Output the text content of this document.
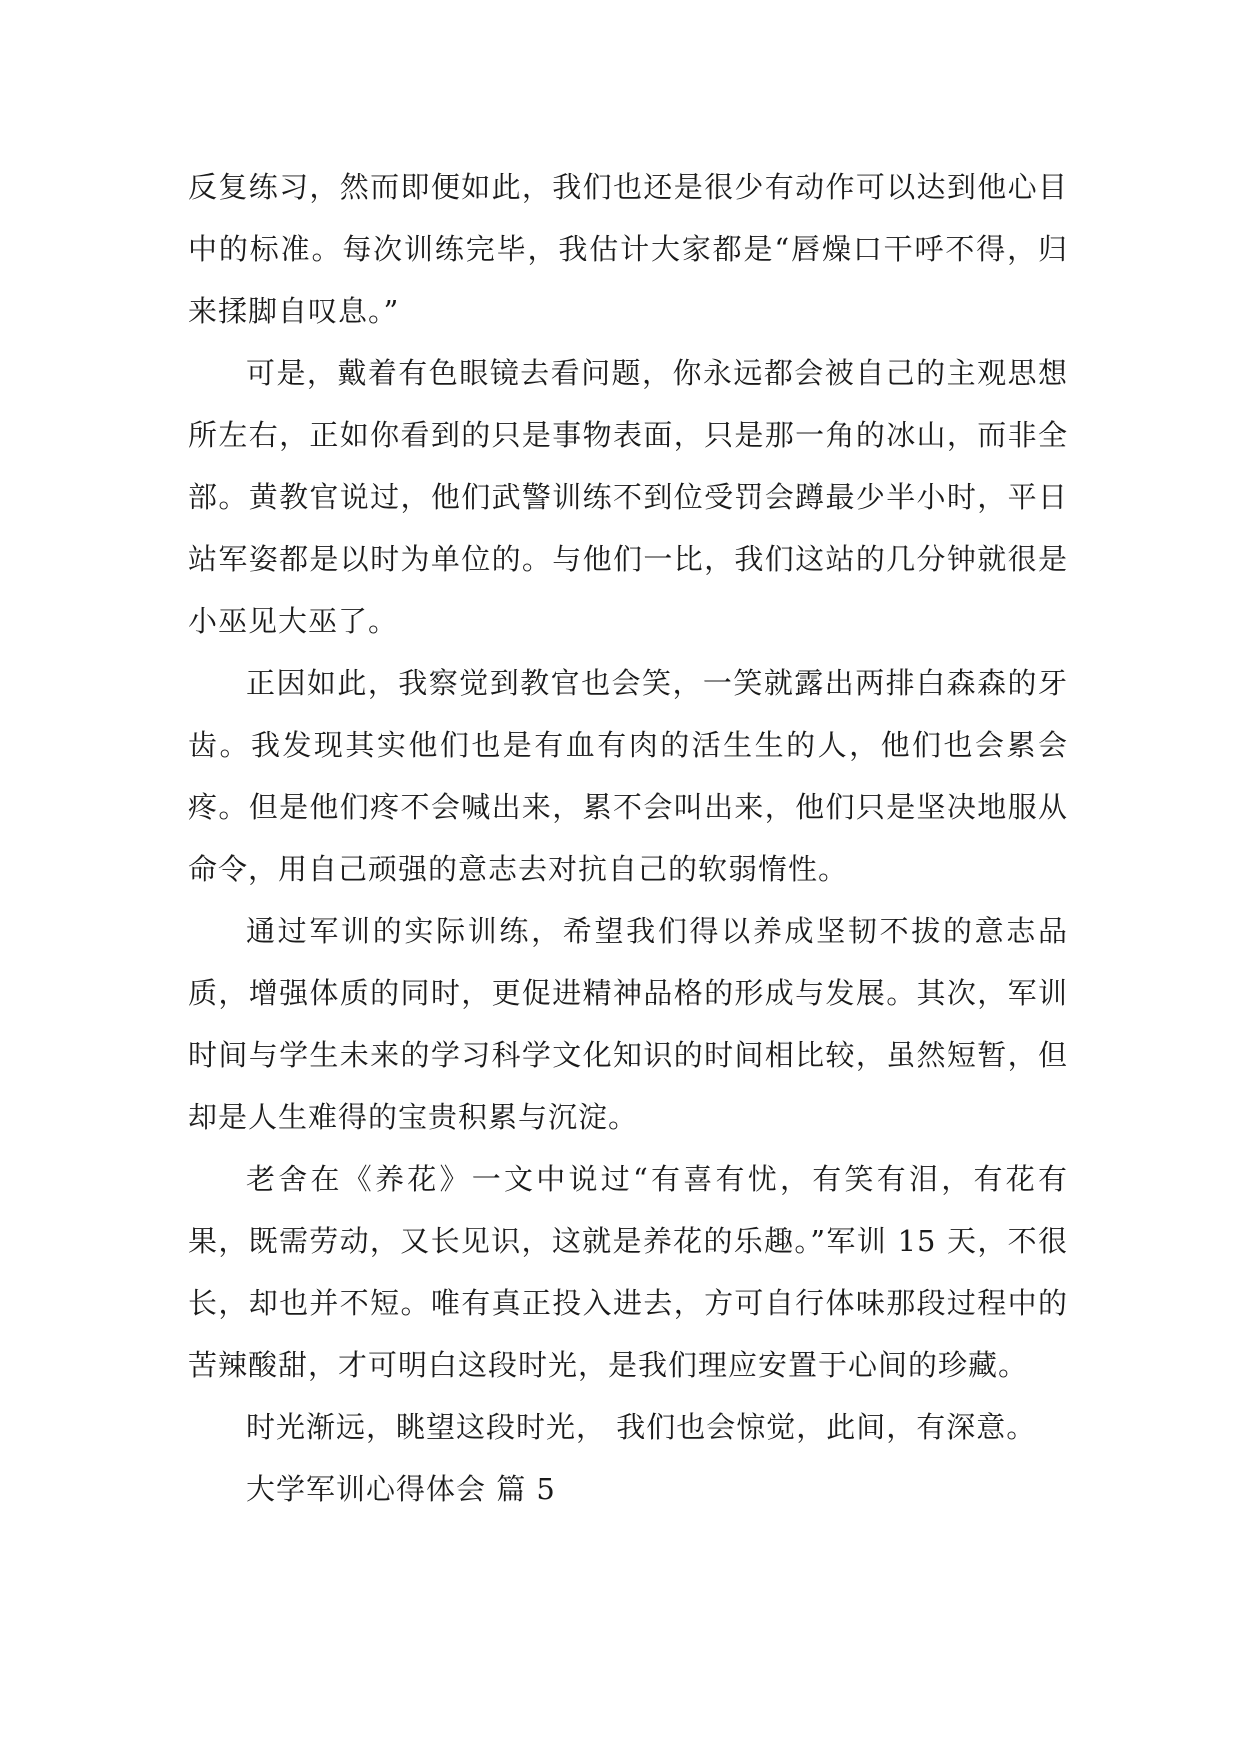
反复练习，然而即便如此，我们也还是很少有动作可以达到他心目中的标准。每次训练完毕，我估计大家都是“唇燥口干呼不得，归来揉脚自叹息。”

可是，戴着有色眼镜去看问题，你永远都会被自己的主观思想所左右，正如你看到的只是事物表面，只是那一角的冰山，而非全部。黄教官说过，他们武警训练不到位受罚会蹲最少半小时，平日站军姿都是以时为单位的。与他们一比，我们这站的几分钟就很是小巫见大巫了。

正因如此，我察觉到教官也会笑，一笑就露出两排白森森的牙齿。我发现其实他们也是有血有肉的活生生的人，他们也会累会疼。但是他们疼不会喊出来，累不会叫出来，他们只是坚决地服从命令，用自己顽强的意志去对抗自己的软弱惰性。

通过军训的实际训练，希望我们得以养成坚韧不拔的意志品质，增强体质的同时，更促进精神品格的形成与发展。其次，军训时间与学生未来的学习科学文化知识的时间相比较，虽然短暂，但却是人生难得的宝贵积累与沉淀。

老舍在《养花》一文中说过“有喜有忧，有笑有泪，有花有果，既需劳动，又长见识，这就是养花的乐趣。”军训 15 天，不很长，却也并不短。唯有真正投入进去，方可自行体味那段过程中的苦辣酸甜，才可明白这段时光，是我们理应安置于心间的珍藏。

时光渐远，眺望这段时光， 我们也会惊觉，此间，有深意。

大学军训心得体会 篇 5
